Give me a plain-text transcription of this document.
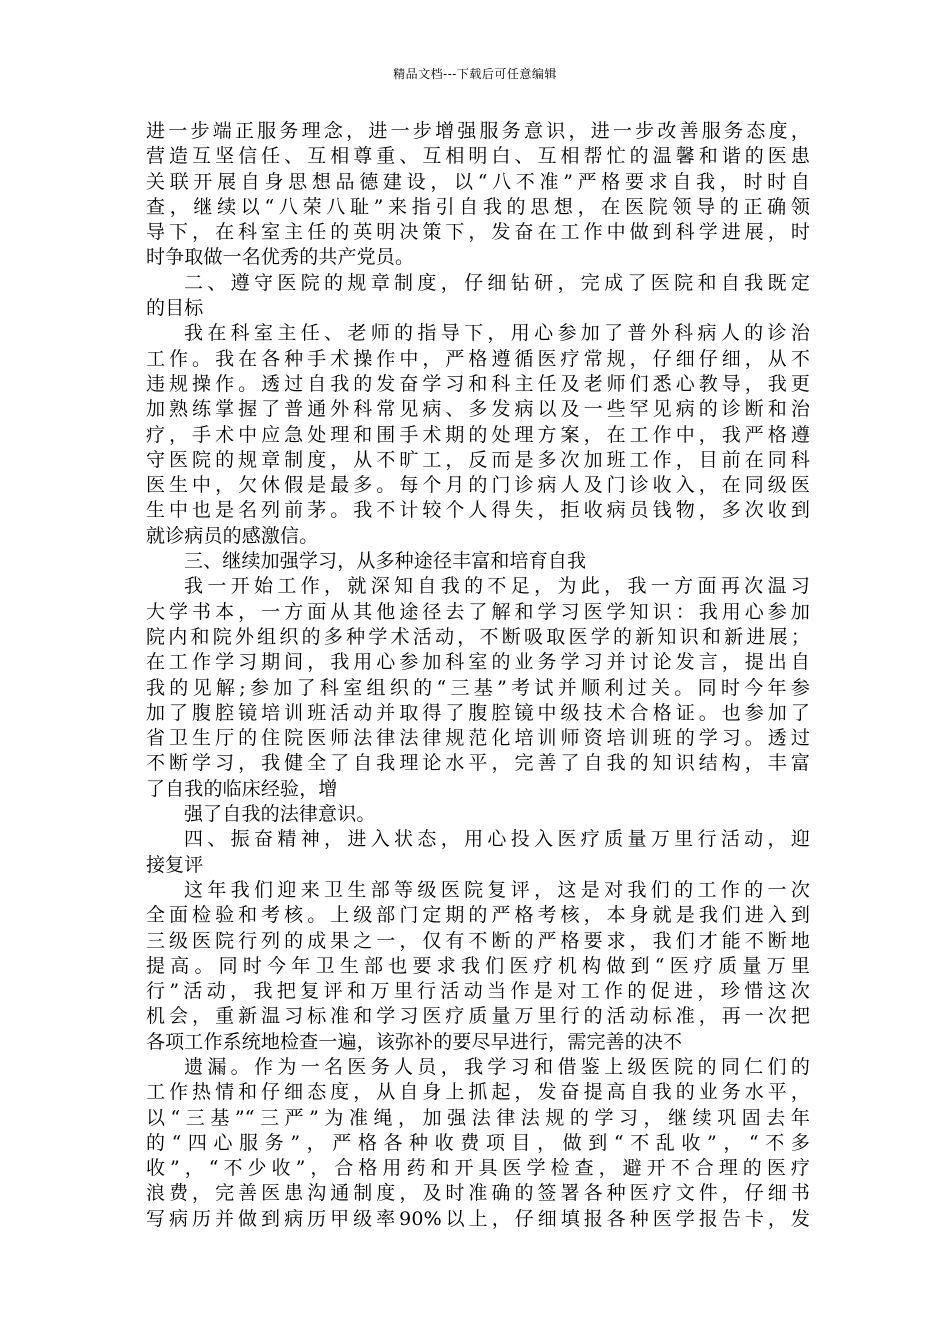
精品文档---下载后可任意编辑
进一步端正服务理念，进一步增强服务意识，进一步改善服务态度，
营造互坚信任、互相尊重、互相明白、互相帮忙的温馨和谐的医患
关联开展自身思想品德建设，以“八不准”严格要求自我，时时自
查，继续以“八荣八耻”来指引自我的思想，在医院领导的正确领
导下，在科室主任的英明决策下，发奋在工作中做到科学进展，时
时争取做一名优秀的共产党员。
二、遵守医院的规章制度，仔细钻研，完成了医院和自我既定
的目标
我在科室主任、老师的指导下，用心参加了普外科病人的诊治
工作。我在各种手术操作中，严格遵循医疗常规，仔细仔细，从不
违规操作。透过自我的发奋学习和科主任及老师们悉心教导，我更
加熟练掌握了普通外科常见病、多发病以及一些罕见病的诊断和治
疗，手术中应急处理和围手术期的处理方案，在工作中，我严格遵
守医院的规章制度，从不旷工，反而是多次加班工作，目前在同科
医生中，欠休假是最多。每个月的门诊病人及门诊收入，在同级医
生中也是名列前茅。我不计较个人得失，拒收病员钱物，多次收到
就诊病员的感激信。
三、继续加强学习，从多种途径丰富和培育自我
我一开始工作，就深知自我的不足，为此，我一方面再次温习
大学书本，一方面从其他途径去了解和学习医学知识：我用心参加
院内和院外组织的多种学术活动，不断吸取医学的新知识和新进展；
在工作学习期间，我用心参加科室的业务学习并讨论发言，提出自
我的见解;参加了科室组织的“三基”考试并顺利过关。同时今年参
加了腹腔镜培训班活动并取得了腹腔镜中级技术合格证。也参加了
省卫生厅的住院医师法律法律规范化培训师资培训班的学习。透过
不断学习，我健全了自我理论水平，完善了自我的知识结构，丰富
了自我的临床经验，增
强了自我的法律意识。
四、振奋精神，进入状态，用心投入医疗质量万里行活动，迎
接复评
这年我们迎来卫生部等级医院复评，这是对我们的工作的一次
全面检验和考核。上级部门定期的严格考核，本身就是我们进入到
三级医院行列的成果之一，仅有不断的严格要求，我们才能不断地
提高。同时今年卫生部也要求我们医疗机构做到“医疗质量万里
行”活动，我把复评和万里行活动当作是对工作的促进，珍惜这次
机会，重新温习标准和学习医疗质量万里行的活动标准，再一次把
各项工作系统地检查一遍，该弥补的要尽早进行，需完善的决不
遗漏。作为一名医务人员，我学习和借鉴上级医院的同仁们的
工作热情和仔细态度，从自身上抓起，发奋提高自我的业务水平，
以“三基”“三严”为准绳，加强法律法规的学习，继续巩固去年
的“四心服务”，严格各种收费项目，做到“不乱收”，“不多
收”，“不少收”，合格用药和开具医学检查，避开不合理的医疗
浪费，完善医患沟通制度，及时准确的签署各种医疗文件，仔细书
写病历并做到病历甲级率90%以上，仔细填报各种医学报告卡，发
